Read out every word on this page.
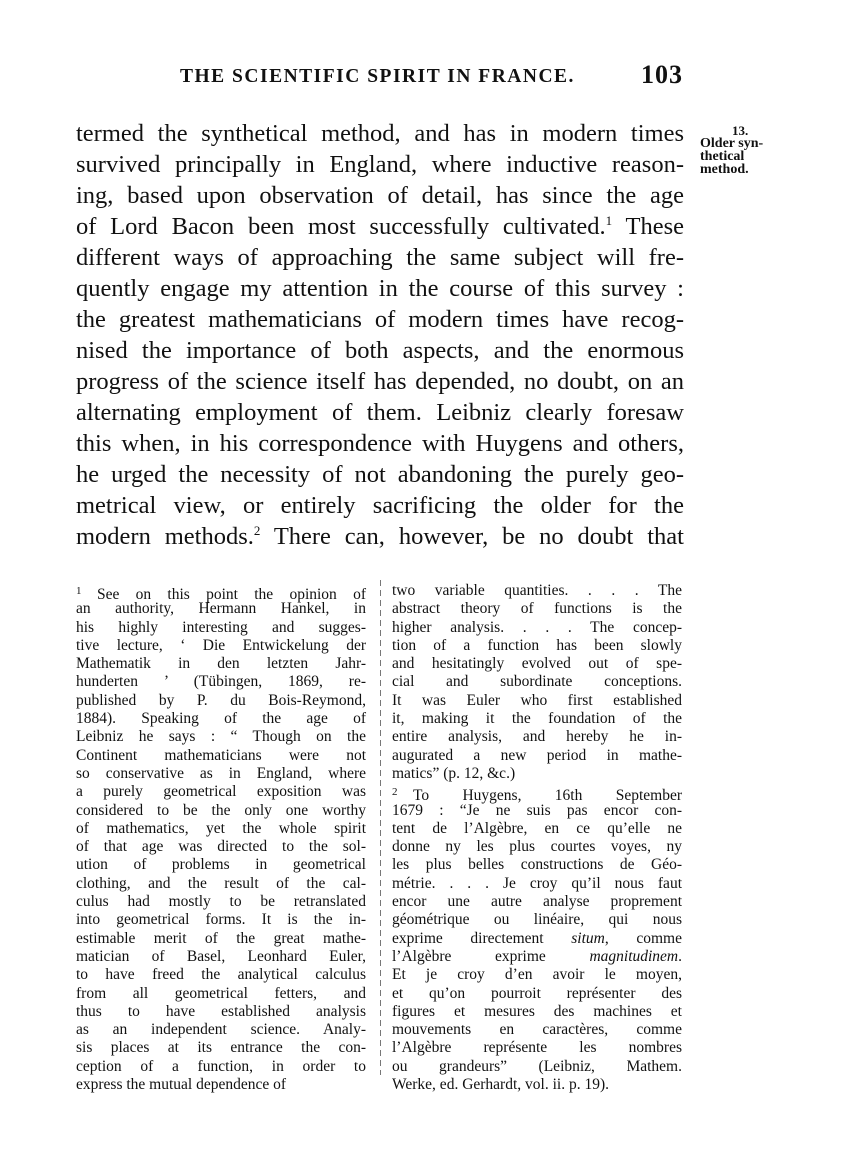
THE SCIENTIFIC SPIRIT IN FRANCE.	103
13.
Older syn-
thetical
method.
termed the synthetical method, and has in modern times
survived principally in England, where inductive reason-
ing, based upon observation of detail, has since the age
of Lord Bacon been most successfully cultivated.$^1$ These
different ways of approaching the same subject will fre-
quently engage my attention in the course of this survey :
the greatest mathematicians of modern times have recog-
nised the importance of both aspects, and the enormous
progress of the science itself has depended, no doubt, on an
alternating employment of them. Leibniz clearly foresaw
this when, in his correspondence with Huygens and others,
he urged the necessity of not abandoning the purely geo-
metrical view, or entirely sacrificing the older for the
modern methods.$^2$ There can, however, be no doubt that
$^1$  See on this point the opinion of
an authority, Hermann Hankel, in
his highly interesting and sugges-
tive lecture, ‘ Die Entwickelung der
Mathematik in den letzten Jahr-
hunderten ’ (Tübingen, 1869, re-
published by P. du Bois-Reymond,
1884). Speaking of the age of
Leibniz he says : “ Though on the
Continent mathematicians were not
so conservative as in England, where
a purely geometrical exposition was
considered to be the only one worthy
of mathematics, yet the whole spirit
of that age was directed to the sol-
ution of problems in geometrical
clothing, and the result of the cal-
culus had mostly to be retranslated
into geometrical forms. It is the in-
estimable merit of the great mathe-
matician of Basel, Leonhard Euler,
to have freed the analytical calculus
from all geometrical fetters, and
thus to have established analysis
as an independent science. Analy-
sis places at its entrance the con-
ception of a function, in order to
express the mutual dependence of
two variable quantities. . . . The
abstract theory of functions is the
higher analysis. . . . The concep-
tion of a function has been slowly
and hesitatingly evolved out of spe-
cial and subordinate conceptions.
It was Euler who first established
it, making it the foundation of the
entire analysis, and hereby he in-
augurated a new period in mathe-
matics” (p. 12, &c.)
$^2$  To Huygens, 16th September
1679 : “Je ne suis pas encor con-
tent de l’Algèbre, en ce qu’elle ne
donne ny les plus courtes voyes, ny
les plus belles constructions de Géo-
métrie. . . . Je croy qu’il nous faut
encor une autre analyse proprement
géométrique ou linéaire, qui nous
exprime directement situm, comme
l’Algèbre exprime magnitudinem.
Et je croy d’en avoir le moyen,
et qu’on pourroit représenter des
figures et mesures des machines et
mouvements en caractères, comme
l’Algèbre représente les nombres
ou grandeurs” (Leibniz, Mathem.
Werke, ed. Gerhardt, vol. ii. p. 19).
